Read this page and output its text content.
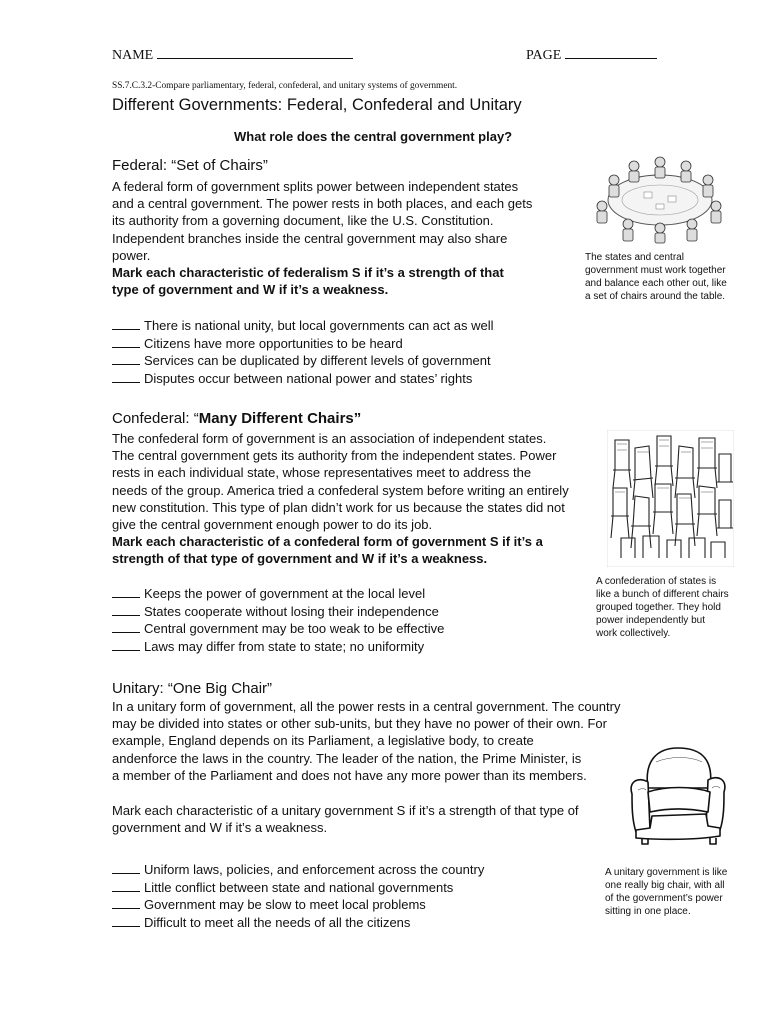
NAME	PAGE
SS.7.C.3.2-Compare parliamentary, federal, confederal, and unitary systems of government.
Different Governments: Federal, Confederal and Unitary
What role does the central government play?
Federal: “Set of Chairs”
A federal form of government splits power between independent states
and a central government. The power rests in both places, and each gets
its authority from a governing document, like the U.S. Constitution.
Independent branches inside the central government may also share
power.
Mark each characteristic of federalism S if it’s a strength of that
type of government and W if it’s a weakness.
There is national unity, but local governments can act as well
Citizens have more opportunities to be heard
Services can be duplicated by different levels of government
Disputes occur between national power and states’ rights
The states and central
government must work together
and balance each other out, like
a set of chairs around the table.
Confederal: “Many Different Chairs”
The confederal form of government is an association of independent states.
The central government gets its authority from the independent states. Power
rests in each individual state, whose representatives meet to address the
needs of the group. America tried a confederal system before writing an entirely
new constitution. This type of plan didn’t work for us because the states did not
give the central government enough power to do its job.
Mark each characteristic of a confederal form of government S if it’s a
strength of that type of government and W if it’s a weakness.
Keeps the power of government at the local level
States cooperate without losing their independence
Central government may be too weak to be effective
Laws may differ from state to state; no uniformity
A confederation of states is
like a bunch of different chairs
grouped together. They hold
power independently but
work collectively.
Unitary: “One Big Chair”
In a unitary form of government, all the power rests in a central government. The country
may be divided into states or other sub-units, but they have no power of their own. For
example, England depends on its Parliament, a legislative body, to create
andenforce the laws in the country. The leader of the nation, the Prime Minister, is
a member of the Parliament and does not have any more power than its members.
Mark each characteristic of a unitary government S if it’s a strength of that type of
government and W if it’s a weakness.
Uniform laws, policies, and enforcement across the country
Little conflict between state and national governments
Government may be slow to meet local problems
Difficult to meet all the needs of all the citizens
A unitary government is like
one really big chair, with all
of the government’s power
sitting in one place.
